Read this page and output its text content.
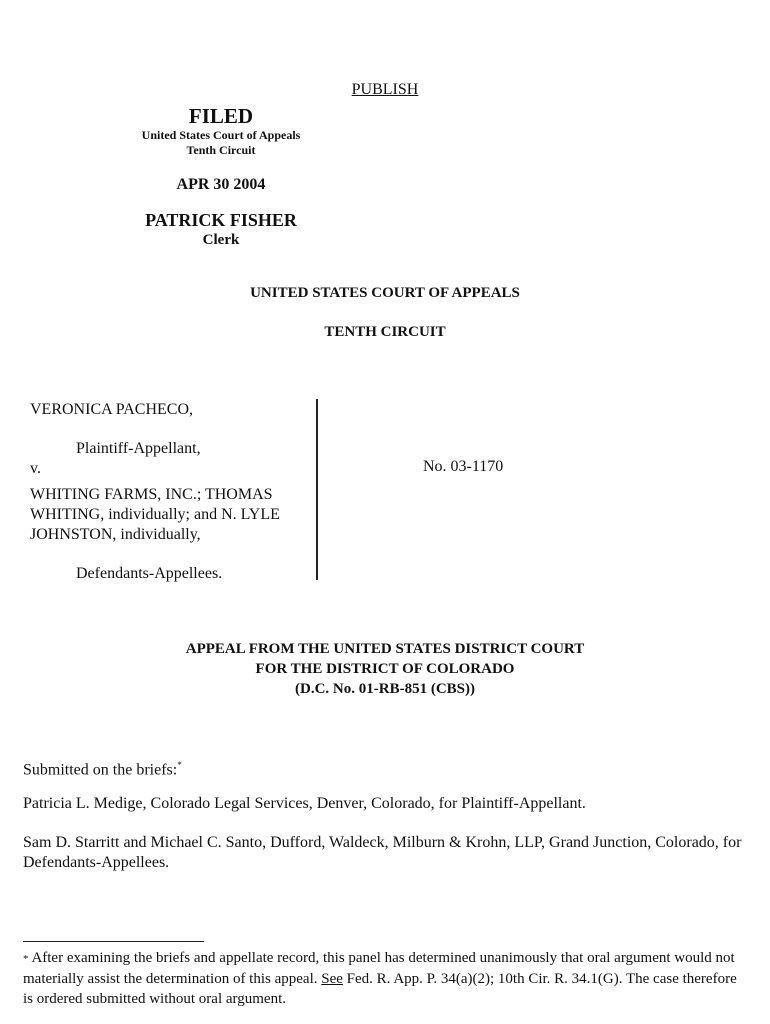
PUBLISH
FILED
United States Court of Appeals
Tenth Circuit
APR 30 2004
PATRICK FISHER
Clerk
UNITED STATES COURT OF APPEALS
TENTH CIRCUIT

VERONICA PACHECO,

Plaintiff-Appellant,

v.

WHITING FARMS, INC.; THOMAS WHITING, individually; and N. LYLE JOHNSTON, individually,

Defendants-Appellees.

No. 03-1170
APPEAL FROM THE UNITED STATES DISTRICT COURT
FOR THE DISTRICT OF COLORADO
(D.C. No. 01-RB-851 (CBS))
Submitted on the briefs:*
Patricia L. Medige, Colorado Legal Services, Denver, Colorado, for Plaintiff-Appellant.
Sam D. Starritt and Michael C. Santo, Dufford, Waldeck, Milburn & Krohn, LLP, Grand Junction, Colorado, for Defendants-Appellees.
* After examining the briefs and appellate record, this panel has determined unanimously that oral argument would not materially assist the determination of this appeal. See Fed. R. App. P. 34(a)(2); 10th Cir. R. 34.1(G). The case therefore is ordered submitted without oral argument.
